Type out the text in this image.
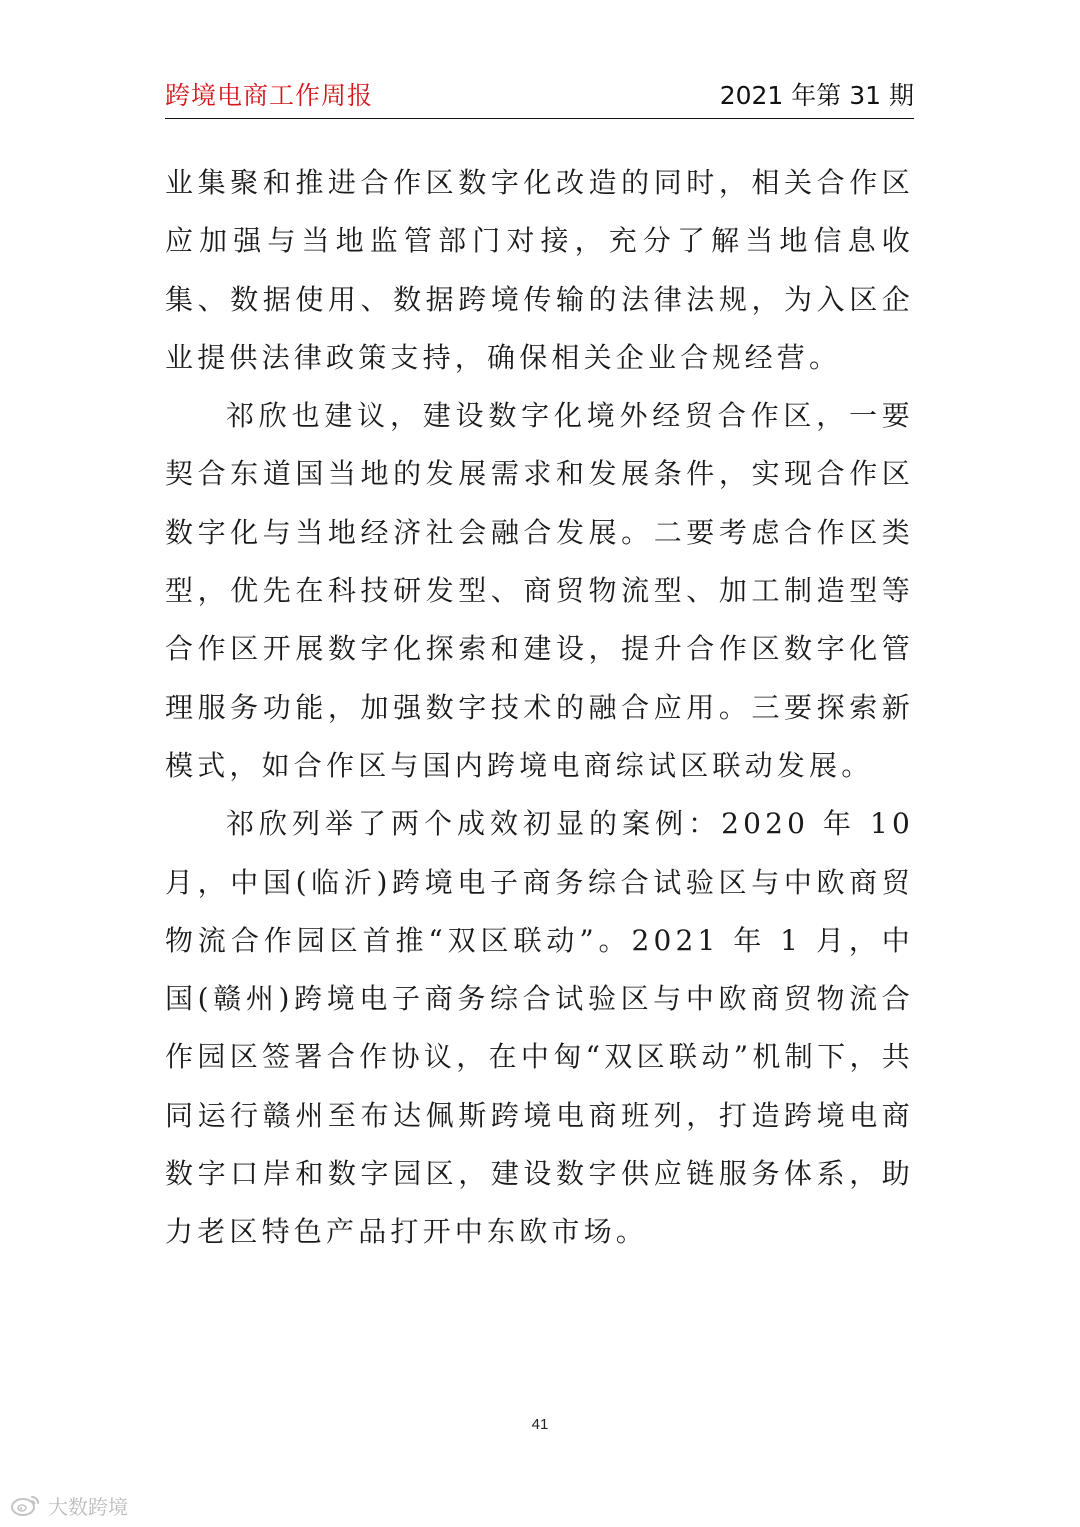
跨境电商工作周报	2021 年第 31 期

业集聚和推进合作区数字化改造的同时，相关合作区应加强与当地监管部门对接，充分了解当地信息收集、数据使用、数据跨境传输的法律法规，为入区企业提供法律政策支持，确保相关企业合规经营。

祁欣也建议，建设数字化境外经贸合作区，一要契合东道国当地的发展需求和发展条件，实现合作区数字化与当地经济社会融合发展。二要考虑合作区类型，优先在科技研发型、商贸物流型、加工制造型等合作区开展数字化探索和建设，提升合作区数字化管理服务功能，加强数字技术的融合应用。三要探索新模式，如合作区与国内跨境电商综试区联动发展。

祁欣列举了两个成效初显的案例：2020 年 10 月，中国(临沂)跨境电子商务综合试验区与中欧商贸物流合作园区首推“双区联动”。2021 年 1 月，中国(赣州)跨境电子商务综合试验区与中欧商贸物流合作园区签署合作协议，在中匈“双区联动”机制下，共同运行赣州至布达佩斯跨境电商班列，打造跨境电商数字口岸和数字园区，建设数字供应链服务体系，助力老区特色产品打开中东欧市场。

41
大数跨境
